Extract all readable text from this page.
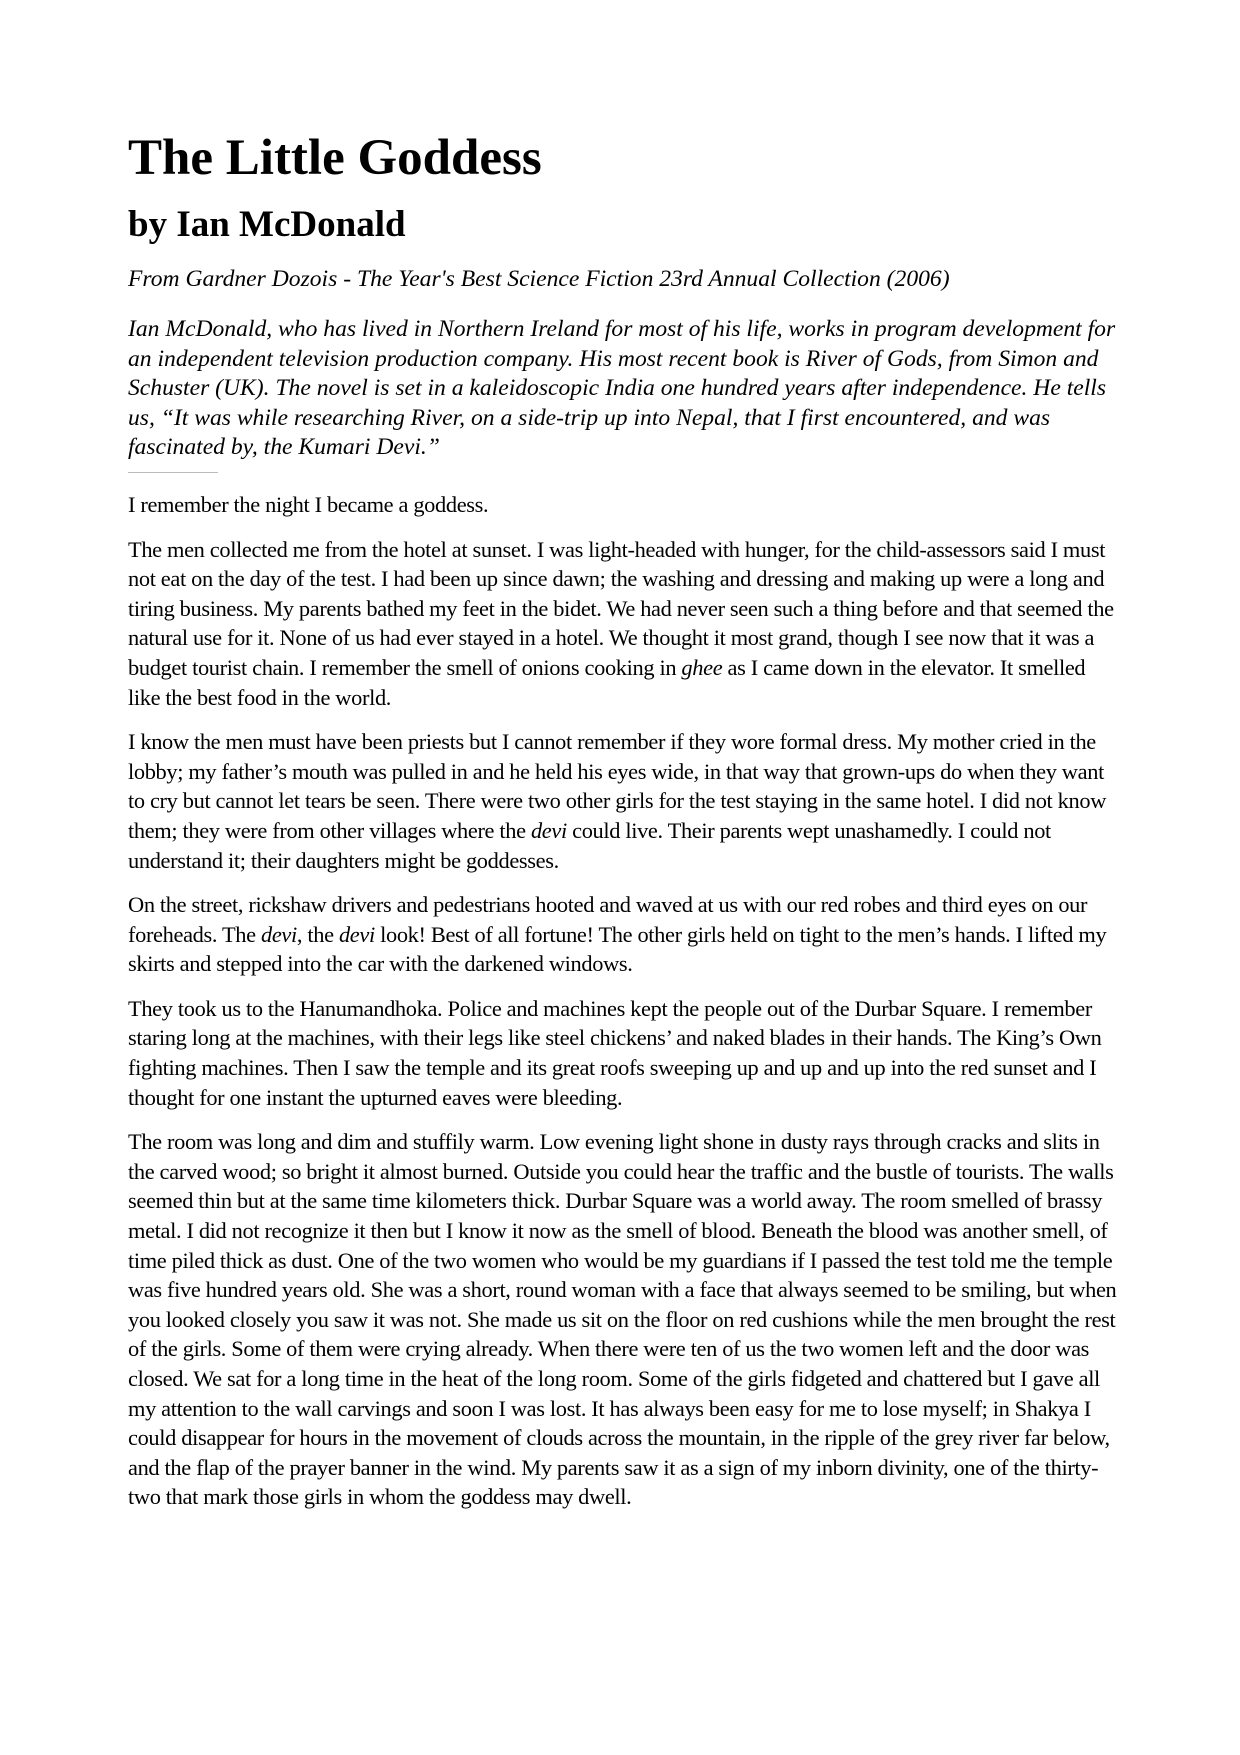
The Little Goddess
by Ian McDonald

From Gardner Dozois - The Year's Best Science Fiction 23rd Annual Collection (2006)

Ian McDonald, who has lived in Northern Ireland for most of his life, works in program development for an independent television production company. His most recent book is River of Gods, from Simon and Schuster (UK). The novel is set in a kaleidoscopic India one hundred years after independence. He tells us, “It was while researching River, on a side-trip up into Nepal, that I first encountered, and was fascinated by, the Kumari Devi.”

I remember the night I became a goddess.

The men collected me from the hotel at sunset. I was light-headed with hunger, for the child-assessors said I must not eat on the day of the test. I had been up since dawn; the washing and dressing and making up were a long and tiring business. My parents bathed my feet in the bidet. We had never seen such a thing before and that seemed the natural use for it. None of us had ever stayed in a hotel. We thought it most grand, though I see now that it was a budget tourist chain. I remember the smell of onions cooking in ghee as I came down in the elevator. It smelled like the best food in the world.

I know the men must have been priests but I cannot remember if they wore formal dress. My mother cried in the lobby; my father’s mouth was pulled in and he held his eyes wide, in that way that grown-ups do when they want to cry but cannot let tears be seen. There were two other girls for the test staying in the same hotel. I did not know them; they were from other villages where the devi could live. Their parents wept unashamedly. I could not understand it; their daughters might be goddesses.

On the street, rickshaw drivers and pedestrians hooted and waved at us with our red robes and third eyes on our foreheads. The devi, the devi look! Best of all fortune! The other girls held on tight to the men’s hands. I lifted my skirts and stepped into the car with the darkened windows.

They took us to the Hanumandhoka. Police and machines kept the people out of the Durbar Square. I remember staring long at the machines, with their legs like steel chickens’ and naked blades in their hands. The King’s Own fighting machines. Then I saw the temple and its great roofs sweeping up and up and up into the red sunset and I thought for one instant the upturned eaves were bleeding.

The room was long and dim and stuffily warm. Low evening light shone in dusty rays through cracks and slits in the carved wood; so bright it almost burned. Outside you could hear the traffic and the bustle of tourists. The walls seemed thin but at the same time kilometers thick. Durbar Square was a world away. The room smelled of brassy metal. I did not recognize it then but I know it now as the smell of blood. Beneath the blood was another smell, of time piled thick as dust. One of the two women who would be my guardians if I passed the test told me the temple was five hundred years old. She was a short, round woman with a face that always seemed to be smiling, but when you looked closely you saw it was not. She made us sit on the floor on red cushions while the men brought the rest of the girls. Some of them were crying already. When there were ten of us the two women left and the door was closed. We sat for a long time in the heat of the long room. Some of the girls fidgeted and chattered but I gave all my attention to the wall carvings and soon I was lost. It has always been easy for me to lose myself; in Shakya I could disappear for hours in the movement of clouds across the mountain, in the ripple of the grey river far below, and the flap of the prayer banner in the wind. My parents saw it as a sign of my inborn divinity, one of the thirty-two that mark those girls in whom the goddess may dwell.
